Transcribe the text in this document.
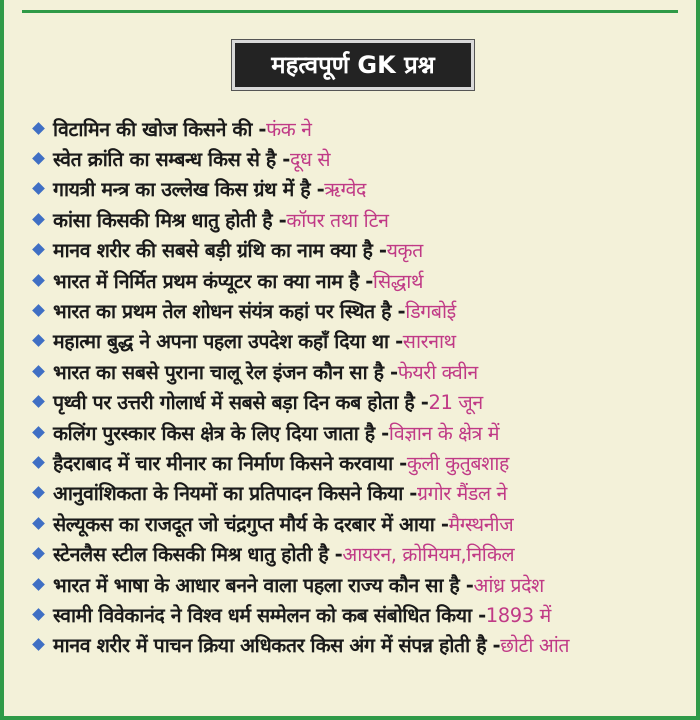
महत्वपूर्ण GK प्रश्न
विटामिन की खोज किसने की - फंक ने
स्वेत क्रांति का सम्बन्ध किस से है - दूध से
गायत्री मन्त्र का उल्लेख किस ग्रंथ में है - ऋग्वेद
कांसा किसकी मिश्र धातु होती है - कॉपर तथा टिन
मानव शरीर की सबसे बड़ी ग्रंथि का नाम क्या है - यकृत
भारत में निर्मित प्रथम कंप्यूटर का क्या नाम है - सिद्धार्थ
भारत का प्रथम तेल शोधन संयंत्र कहां पर स्थित है - डिगबोई
महात्मा बुद्ध ने अपना पहला उपदेश कहाँ दिया था - सारनाथ
भारत का सबसे पुराना चालू रेल इंजन कौन सा है - फेयरी क्वीन
पृथ्वी पर उत्तरी गोलार्ध में सबसे बड़ा दिन कब होता है - 21 जून
कलिंग पुरस्कार किस क्षेत्र के लिए दिया जाता है - विज्ञान के क्षेत्र में
हैदराबाद में चार मीनार का निर्माण किसने करवाया - कुली कुतुबशाह
आनुवांशिकता के नियमों का प्रतिपादन किसने किया - ग्रगोर मैंडल ने
सेल्यूकस का राजदूत जो चंद्रगुप्त मौर्य के दरबार में आया - मैग्स्थनीज
स्टेनलैस स्टील किसकी मिश्र धातु होती है - आयरन, क्रोमियम,निकिल
भारत में भाषा के आधार बनने वाला पहला राज्य कौन सा है - आंध्र प्रदेश
स्वामी विवेकानंद ने विश्व धर्म सम्मेलन को कब संबोधित किया - 1893 में
मानव शरीर में पाचन क्रिया अधिकतर किस अंग में संपन्न होती है - छोटी आंत
